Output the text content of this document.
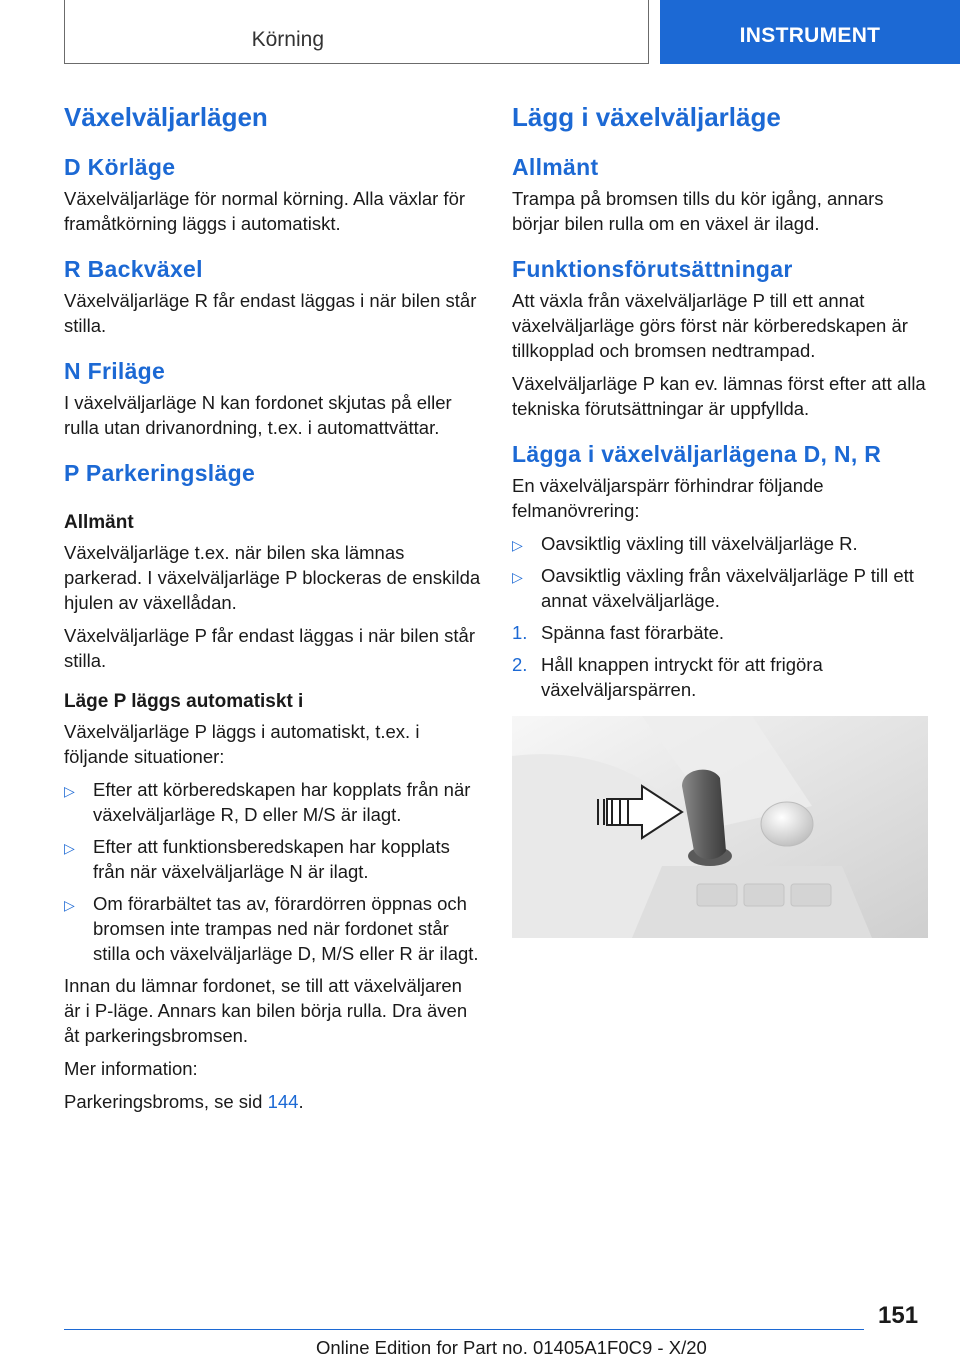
Körning	INSTRUMENT
Växelväljarlägen
D Körläge

Växelväljarläge för normal körning. Alla växlar för framåtkörning läggs i automatiskt.

R Backväxel

Växelväljarläge R får endast läggas i när bilen står stilla.

N Friläge

I växelväljarläge N kan fordonet skjutas på eller rulla utan drivanordning, t.ex. i automattvättar.

P Parkeringsläge
Allmänt

Växelväljarläge t.ex. när bilen ska lämnas parkerad. I växelväljarläge P blockeras de enskilda hjulen av växellådan.

Växelväljarläge P får endast läggas i när bilen står stilla.

Läge P läggs automatiskt i

Växelväljarläge P läggs i automatiskt, t.ex. i följande situationer:

▷ Efter att körberedskapen har kopplats från när växelväljarläge R, D eller M/S är ilagt.
▷ Efter att funktionsberedskapen har kopplats från när växelväljarläge N är ilagt.
▷ Om förarbältet tas av, förardörren öppnas och bromsen inte trampas ned när fordonet står stilla och växelväljarläge D, M/S eller R är ilagt.

Innan du lämnar fordonet, se till att växelväljaren är i P-läge. Annars kan bilen börja rulla. Dra även åt parkeringsbromsen.

Mer information:

Parkeringsbroms, se sid 144.

Lägg i växelväljarläge
Allmänt

Trampa på bromsen tills du kör igång, annars börjar bilen rulla om en växel är ilagd.

Funktionsförutsättningar

Att växla från växelväljarläge P till ett annat växelväljarläge görs först när körberedskapen är tillkopplad och bromsen nedtrampad.

Växelväljarläge P kan ev. lämnas först efter att alla tekniska förutsättningar är uppfyllda.

Lägga i växelväljarlägena D, N, R

En växelväljarspärr förhindrar följande felmanövrering:

▷ Oavsiktlig växling till växelväljarläge R.
▷ Oavsiktlig växling från växelväljarläge P till ett annat växelväljarläge.
1. Spänna fast förarbäte.
2. Håll knappen intryckt för att frigöra växelväljarspärren.
151
Online Edition for Part no. 01405A1F0C9 - X/20
